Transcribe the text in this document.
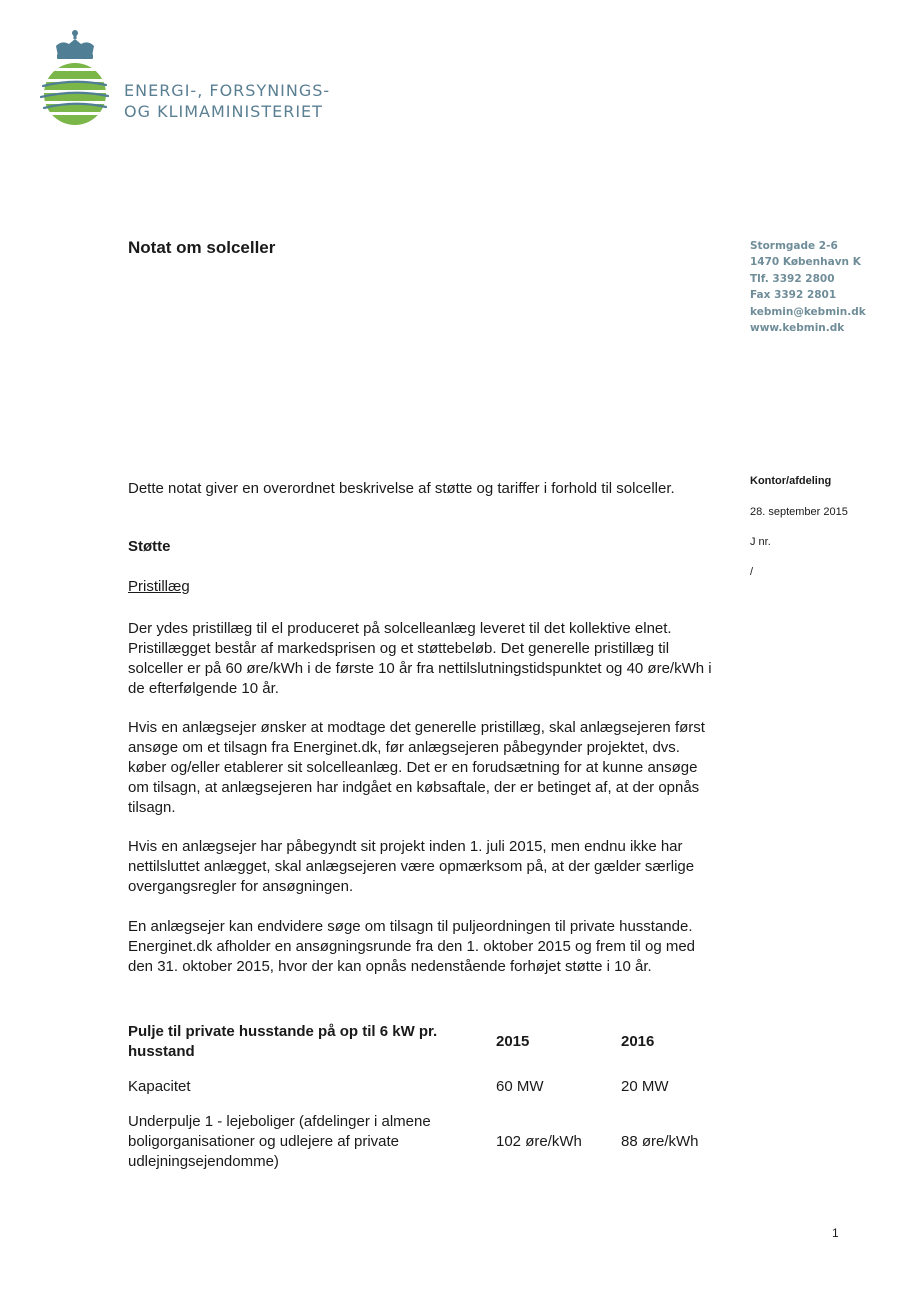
ENERGI-, FORSYNINGS-
OG KLIMAMINISTERIET
Notat om solceller	Stormgade 2-6
1470 København K
Tlf. 3392 2800
Fax 3392 2801
kebmin@kebmin.dk
www.kebmin.dk
Kontor/afdeling
28. september 2015
J nr.
/

Dette notat giver en overordnet beskrivelse af støtte og tariffer i forhold til solceller.

Støtte
Pristillæg

Der ydes pristillæg til el produceret på solcelleanlæg leveret til det kollektive elnet. Pristillægget består af markedsprisen og et støttebeløb. Det generelle pristillæg til solceller er på 60 øre/kWh i de første 10 år fra nettilslutningstidspunktet og 40 øre/kWh i de efterfølgende 10 år.

Hvis en anlægsejer ønsker at modtage det generelle pristillæg, skal anlægsejeren først ansøge om et tilsagn fra Energinet.dk, før anlægsejeren påbegynder projektet, dvs. køber og/eller etablerer sit solcelleanlæg. Det er en forudsætning for at kunne ansøge om tilsagn, at anlægsejeren har indgået en købsaftale, der er betinget af, at der opnås tilsagn.

Hvis en anlægsejer har påbegyndt sit projekt inden 1. juli 2015, men endnu ikke har nettilsluttet anlægget, skal anlægsejeren være opmærksom på, at der gælder særlige overgangsregler for ansøgningen.

En anlægsejer kan endvidere søge om tilsagn til puljeordningen til private husstande. Energinet.dk afholder en ansøgningsrunde fra den 1. oktober 2015 og frem til og med den 31. oktober 2015, hvor der kan opnås nedenstående forhøjet støtte i 10 år.

Pulje til private husstande på op til 6 kW pr. husstand	2015	2016
Kapacitet	60 MW	20 MW
Underpulje 1 - lejeboliger (afdelinger i almene boligorganisationer og udlejere af private udlejningsejendomme)	102 øre/kWh	88 øre/kWh
1
